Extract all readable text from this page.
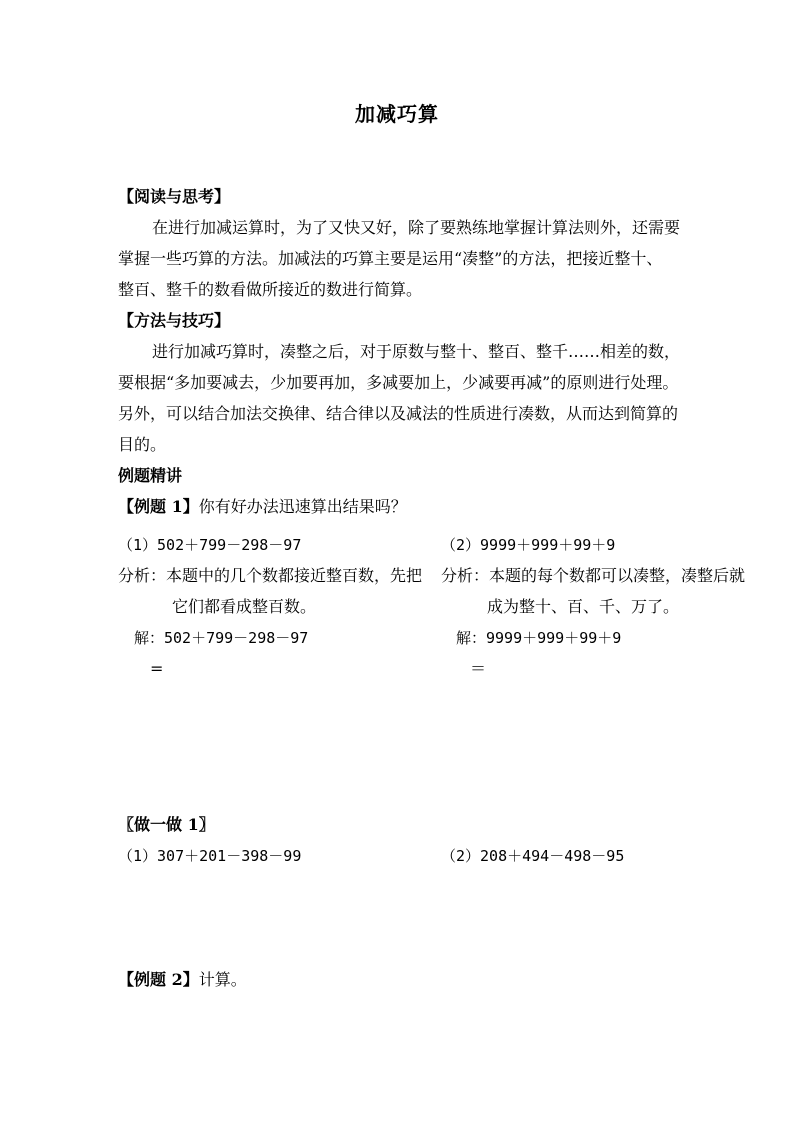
加减巧算
【阅读与思考】
在进行加减运算时，为了又快又好，除了要熟练地掌握计算法则外，还需要
掌握一些巧算的方法。加减法的巧算主要是运用“凑整”的方法，把接近整十、
整百、整千的数看做所接近的数进行简算。
【方法与技巧】
进行加减巧算时，凑整之后，对于原数与整十、整百、整千……相差的数，
要根据“多加要减去，少加要再加，多减要加上，少减要再减”的原则进行处理。
另外，可以结合加法交换律、结合律以及减法的性质进行凑数，从而达到简算的
目的。
例题精讲
【例题 1】你有好办法迅速算出结果吗？
（1）502＋799－298－97
分析：本题中的几个数都接近整百数，先把
它们都看成整百数。
解：502＋799－298－97
=
（2）9999＋999＋99＋9
分析：本题的每个数都可以凑整，凑整后就
成为整十、百、千、万了。
解：9999＋999＋99＋9
＝
〖做一做 1〗
（1）307＋201－398－99	（2）208＋494－498－95
【例题 2】计算。
